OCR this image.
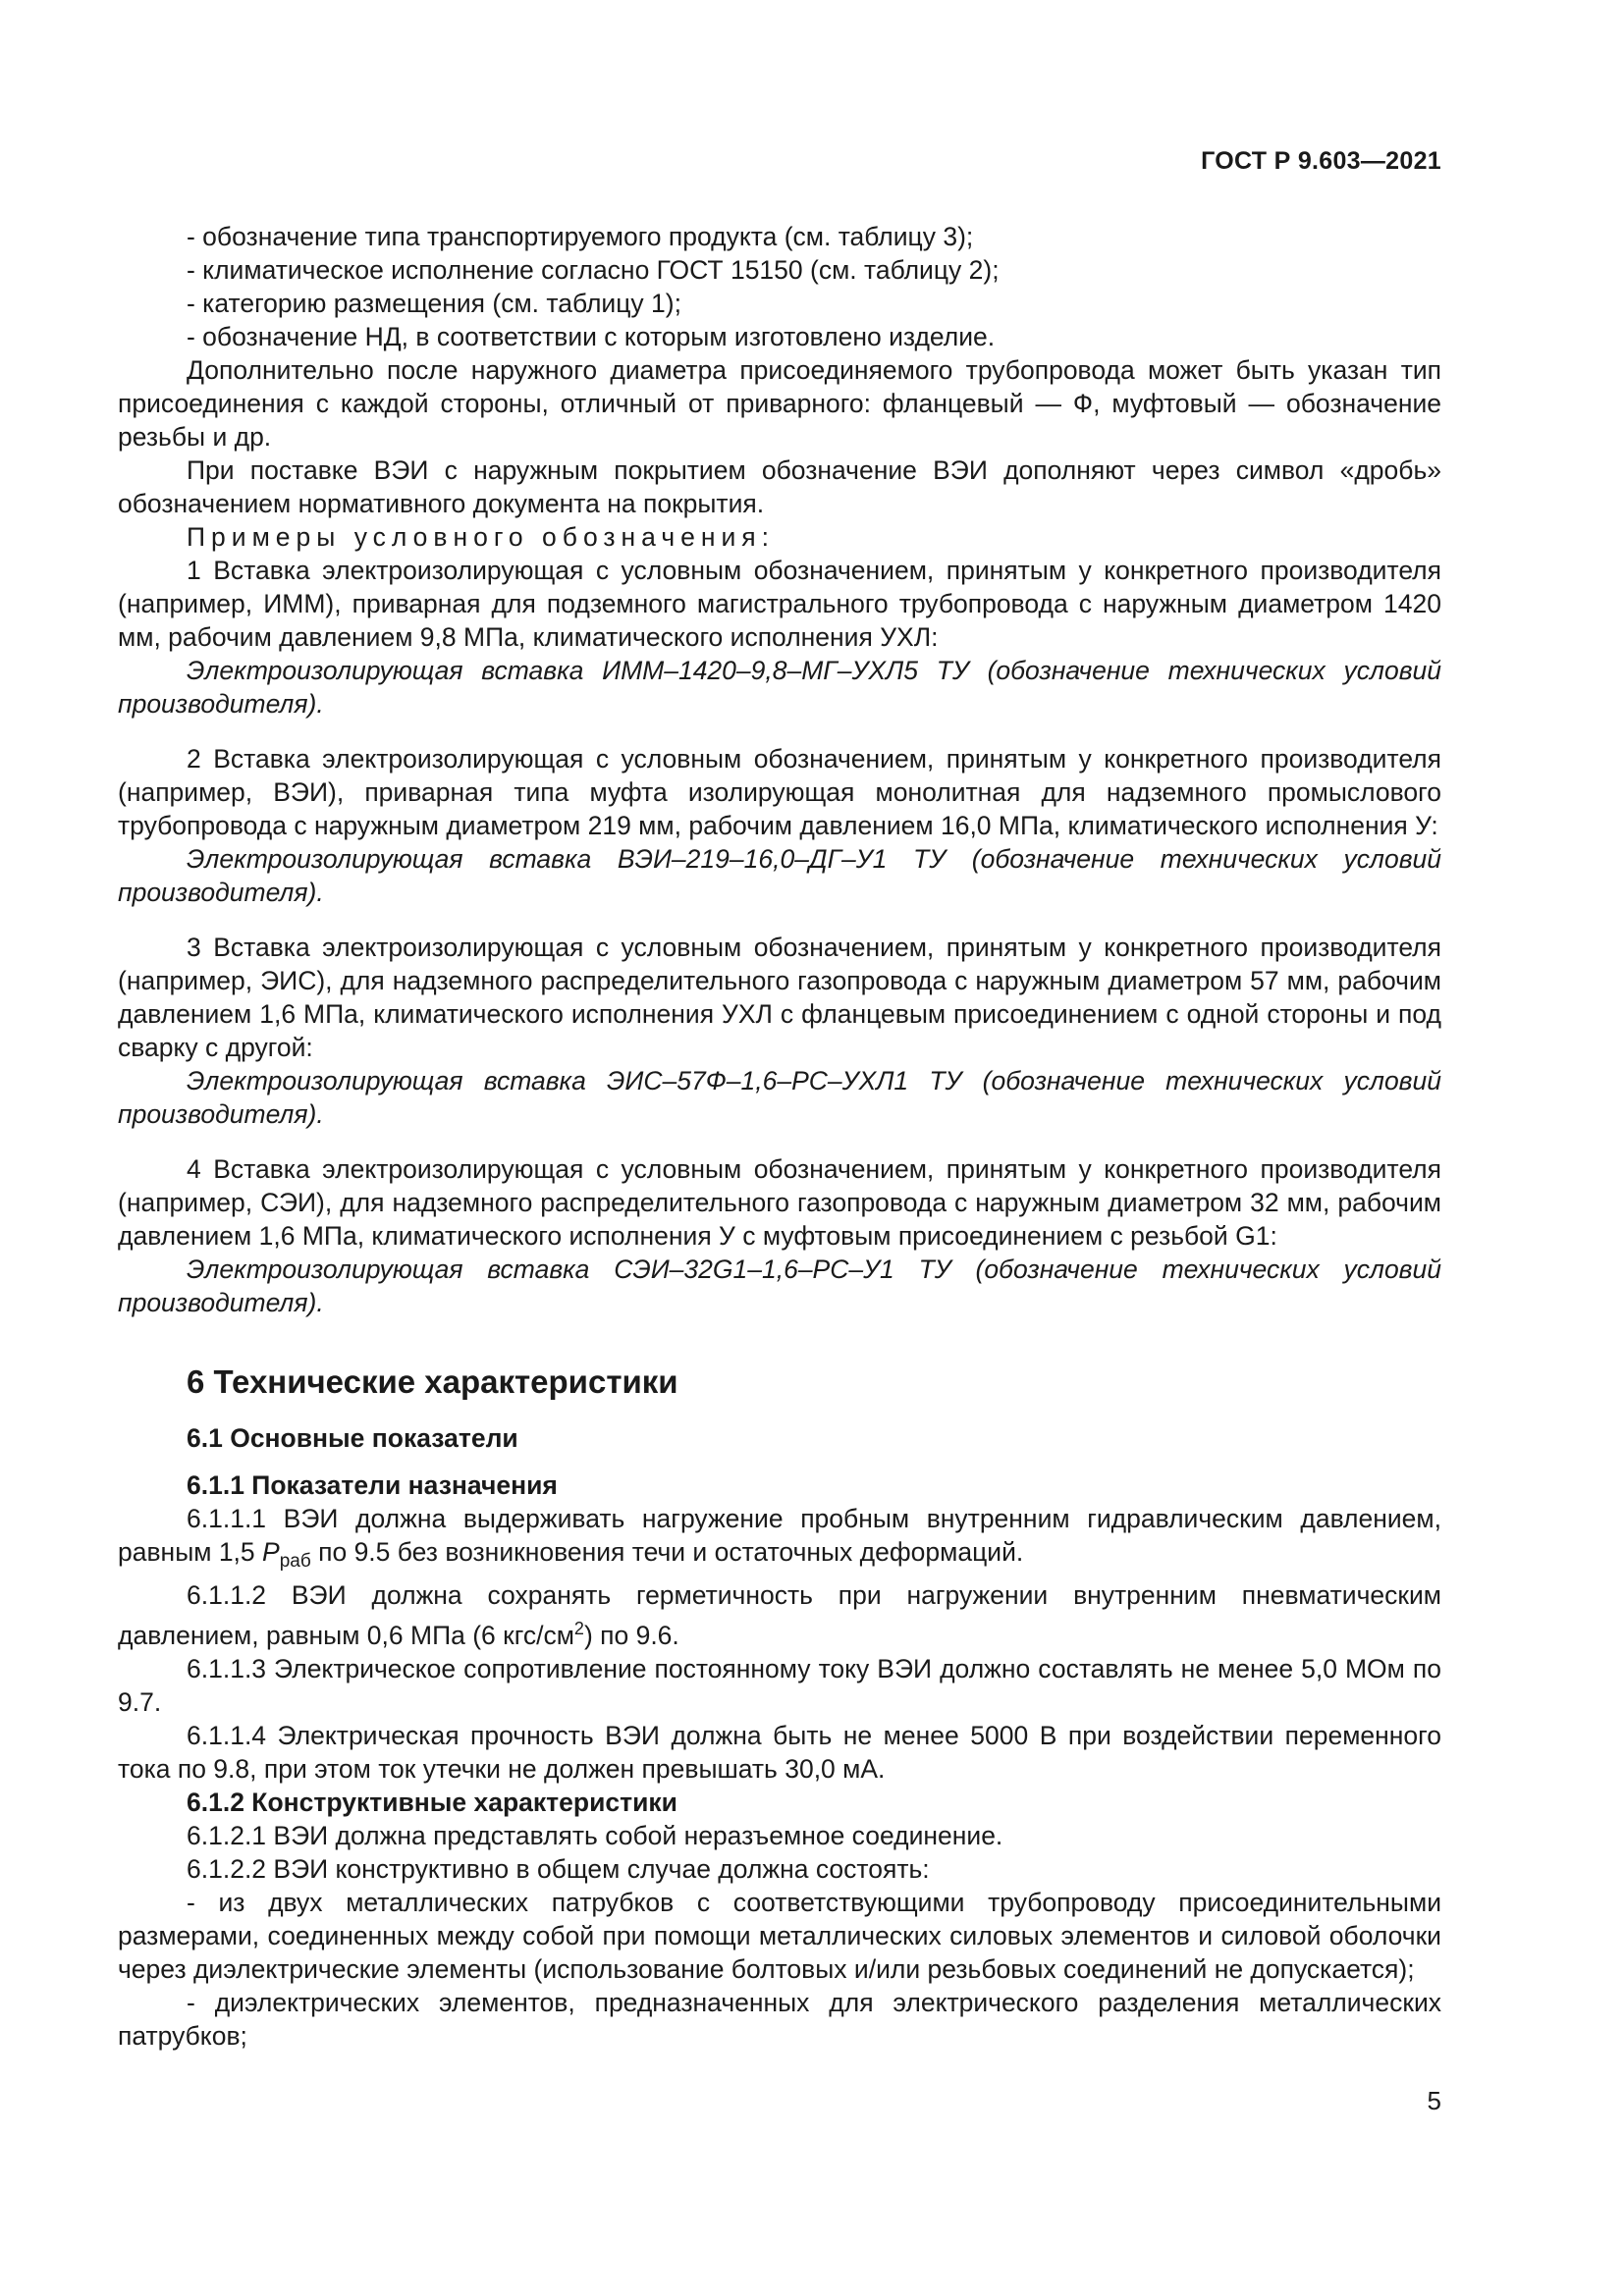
ГОСТ Р 9.603—2021

- обозначение типа транспортируемого продукта (см. таблицу 3);

- климатическое исполнение согласно ГОСТ 15150 (см. таблицу 2);

- категорию размещения (см. таблицу 1);

- обозначение НД, в соответствии с которым изготовлено изделие.

Дополнительно после наружного диаметра присоединяемого трубопровода может быть указан тип присоединения с каждой стороны, отличный от приварного: фланцевый — Ф, муфтовый — обозначение резьбы и др.

При поставке ВЭИ с наружным покрытием обозначение ВЭИ дополняют через символ «дробь» обозначением нормативного документа на покрытия.

Примеры условного обозначения:

1 Вставка электроизолирующая с условным обозначением, принятым у конкретного производителя (например, ИММ), приварная для подземного магистрального трубопровода с наружным диаметром 1420 мм, рабочим давлением 9,8 МПа, климатического исполнения УХЛ:

Электроизолирующая вставка ИММ–1420–9,8–МГ–УХЛ5 ТУ (обозначение технических условий производителя).

2 Вставка электроизолирующая с условным обозначением, принятым у конкретного производителя (например, ВЭИ), приварная типа муфта изолирующая монолитная для надземного промыслового трубопровода с наружным диаметром 219 мм, рабочим давлением 16,0 МПа, климатического исполнения У:

Электроизолирующая вставка ВЭИ–219–16,0–ДГ–У1 ТУ (обозначение технических условий производителя).

3 Вставка электроизолирующая с условным обозначением, принятым у конкретного производителя (например, ЭИС), для надземного распределительного газопровода с наружным диаметром 57 мм, рабочим давлением 1,6 МПа, климатического исполнения УХЛ с фланцевым присоединением с одной стороны и под сварку с другой:

Электроизолирующая вставка ЭИС–57Ф–1,6–РС–УХЛ1 ТУ (обозначение технических условий производителя).

4 Вставка электроизолирующая с условным обозначением, принятым у конкретного производителя (например, СЭИ), для надземного распределительного газопровода с наружным диаметром 32 мм, рабочим давлением 1,6 МПа, климатического исполнения У с муфтовым присоединением с резьбой G1:

Электроизолирующая вставка СЭИ–32G1–1,6–РС–У1 ТУ (обозначение технических условий производителя).

6 Технические характеристики
6.1 Основные показатели
6.1.1 Показатели назначения

6.1.1.1 ВЭИ должна выдерживать нагружение пробным внутренним гидравлическим давлением, равным 1,5 $P_{раб}$ по 9.5 без возникновения течи и остаточных деформаций.

6.1.1.2 ВЭИ должна сохранять герметичность при нагружении внутренним пневматическим давлением, равным 0,6 МПа (6 кгс/$см^2$) по 9.6.

6.1.1.3 Электрическое сопротивление постоянному току ВЭИ должно составлять не менее 5,0 МОм по 9.7.

6.1.1.4 Электрическая прочность ВЭИ должна быть не менее 5000 В при воздействии переменного тока по 9.8, при этом ток утечки не должен превышать 30,0 мА.

6.1.2 Конструктивные характеристики

6.1.2.1 ВЭИ должна представлять собой неразъемное соединение.

6.1.2.2 ВЭИ конструктивно в общем случае должна состоять:

- из двух металлических патрубков с соответствующими трубопроводу присоединительными размерами, соединенных между собой при помощи металлических силовых элементов и силовой оболочки через диэлектрические элементы (использование болтовых и/или резьбовых соединений не допускается);

- диэлектрических элементов, предназначенных для электрического разделения металлических патрубков;

5
